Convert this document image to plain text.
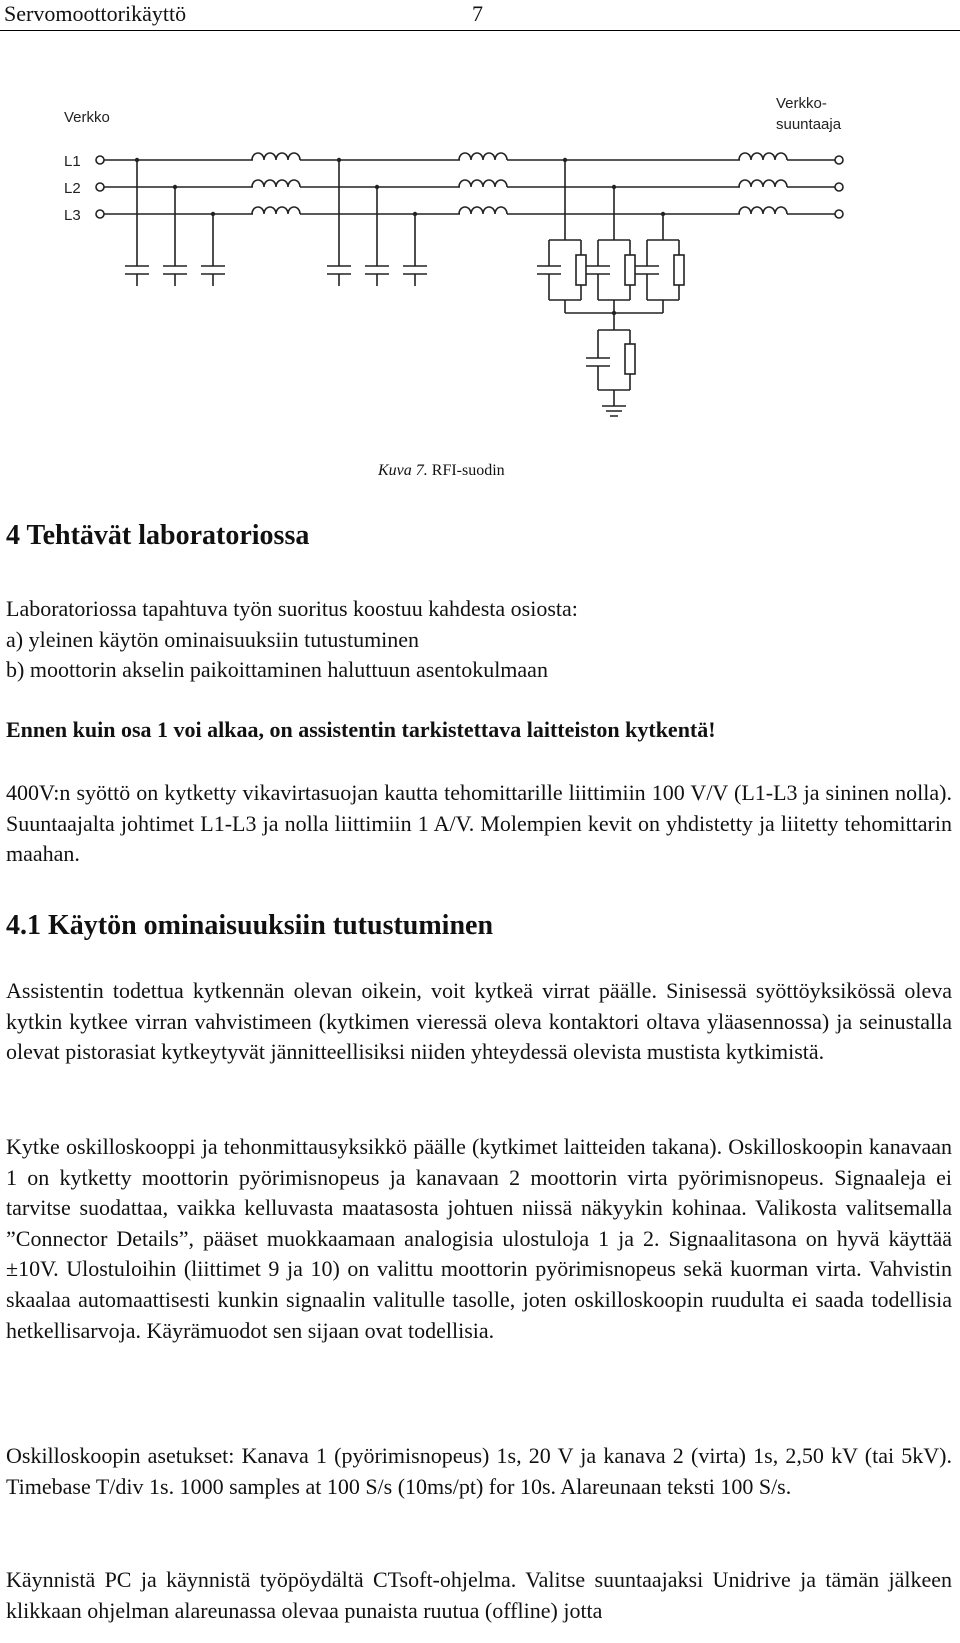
Servomoottorikäyttö	7
Verkko
L1
L2
L3
Verkko-
suuntaaja
Kuva 7. RFI-suodin
4 Tehtävät laboratoriossa
Laboratoriossa tapahtuva työn suoritus koostuu kahdesta osiosta:
a) yleinen käytön ominaisuuksiin tutustuminen
b) moottorin akselin paikoittaminen haluttuun asentokulmaan

Ennen kuin osa 1 voi alkaa, on assistentin tarkistettava laitteiston kytkentä!

400V:n syöttö on kytketty vikavirtasuojan kautta tehomittarille liittimiin 100 V/V (L1-L3 ja sininen nolla). Suuntaajalta johtimet L1-L3 ja nolla liittimiin 1 A/V. Molempien kevit on yhdistetty ja liitetty tehomittarin maahan.

4.1 Käytön ominaisuuksiin tutustuminen

Assistentin todettua kytkennän olevan oikein, voit kytkeä virrat päälle. Sinisessä syöttöyksikössä oleva kytkin kytkee virran vahvistimeen (kytkimen vieressä oleva kontaktori oltava yläasennossa) ja seinustalla olevat pistorasiat kytkeytyvät jännitteellisiksi niiden yhteydessä olevista mustista kytkimistä.

Kytke oskilloskooppi ja tehonmittausyksikkö päälle (kytkimet laitteiden takana). Oskilloskoopin kanavaan 1 on kytketty moottorin pyörimisnopeus ja kanavaan 2 moottorin virta pyörimisnopeus. Signaaleja ei tarvitse suodattaa, vaikka kelluvasta maatasosta johtuen niissä näkyykin kohinaa. Valikosta valitsemalla ”Connector Details”, pääset muokkaamaan analogisia ulostuloja 1 ja 2. Signaalitasona on hyvä käyttää ±10V. Ulostuloihin (liittimet 9 ja 10) on valittu moottorin pyörimisnopeus sekä kuorman virta. Vahvistin skaalaa automaattisesti kunkin signaalin valitulle tasolle, joten oskilloskoopin ruudulta ei saada todellisia hetkellisarvoja. Käyrämuodot sen sijaan ovat todellisia.

Oskilloskoopin asetukset: Kanava 1 (pyörimisnopeus) 1s, 20 V ja kanava 2 (virta) 1s, 2,50 kV (tai 5kV). Timebase T/div 1s. 1000 samples at 100 S/s (10ms/pt) for 10s. Alareunaan teksti 100 S/s.

Käynnistä PC ja käynnistä työpöydältä CTsoft-ohjelma. Valitse suuntaajaksi Unidrive ja tämän jälkeen klikkaan ohjelman alareunassa olevaa punaista ruutua (offline) jotta
